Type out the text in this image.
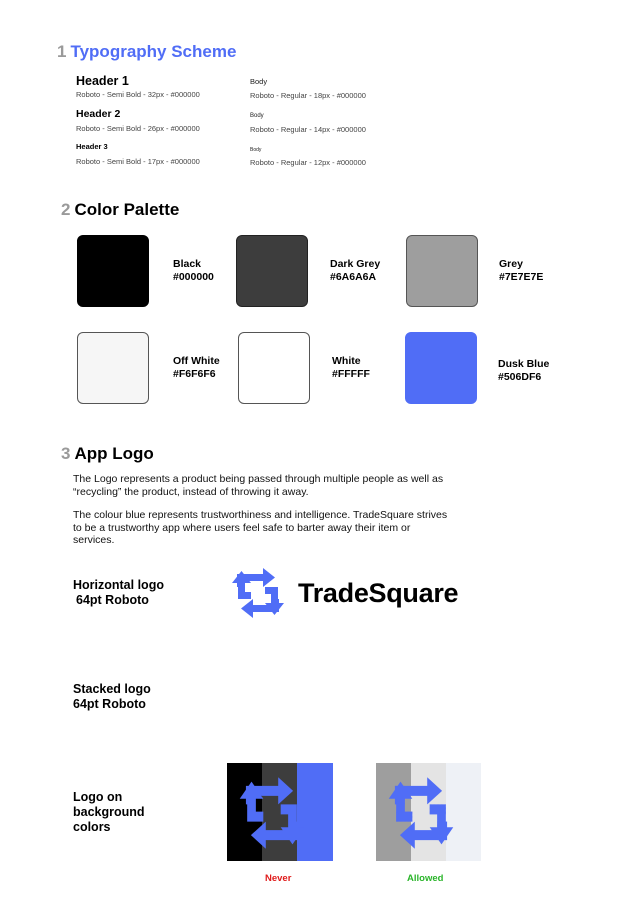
1 Typography Scheme
Header 1
Roboto - Semi Bold - 32px - #000000
Header 2
Roboto - Semi Bold - 26px - #000000
Header 3
Roboto - Semi Bold - 17px - #000000
Body
Roboto - Regular - 18px - #000000
Body
Roboto - Regular - 14px - #000000
Body
Roboto - Regular - 12px - #000000
2 Color Palette
Black
#000000
Dark Grey
#6A6A6A
Grey
#7E7E7E
Off White
#F6F6F6
White
#FFFFF
Dusk Blue
#506DF6
3 App Logo
The Logo represents a product being passed through multiple people as well as “recycling” the product, instead of throwing it away.
The colour blue represents trustworthiness and intelligence. TradeSquare strives to be a trustworthy app where users feel safe to barter away their item or services.
Horizontal logo
64pt Roboto	TradeSquare
Stacked logo
64pt Roboto
Logo on
background
colors
Never	Allowed
